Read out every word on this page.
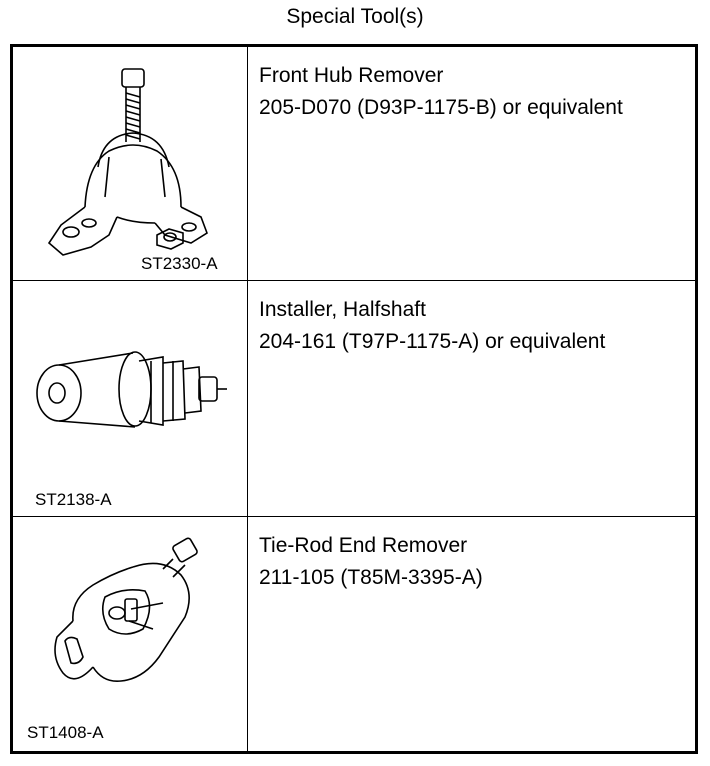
Special Tool(s)
ST2330-A
Front Hub Remover
205-D070 (D93P-1175-B) or equivalent
ST2138-A
Installer, Halfshaft
204-161 (T97P-1175-A) or equivalent
ST1408-A
Tie-Rod End Remover
211-105 (T85M-3395-A)
